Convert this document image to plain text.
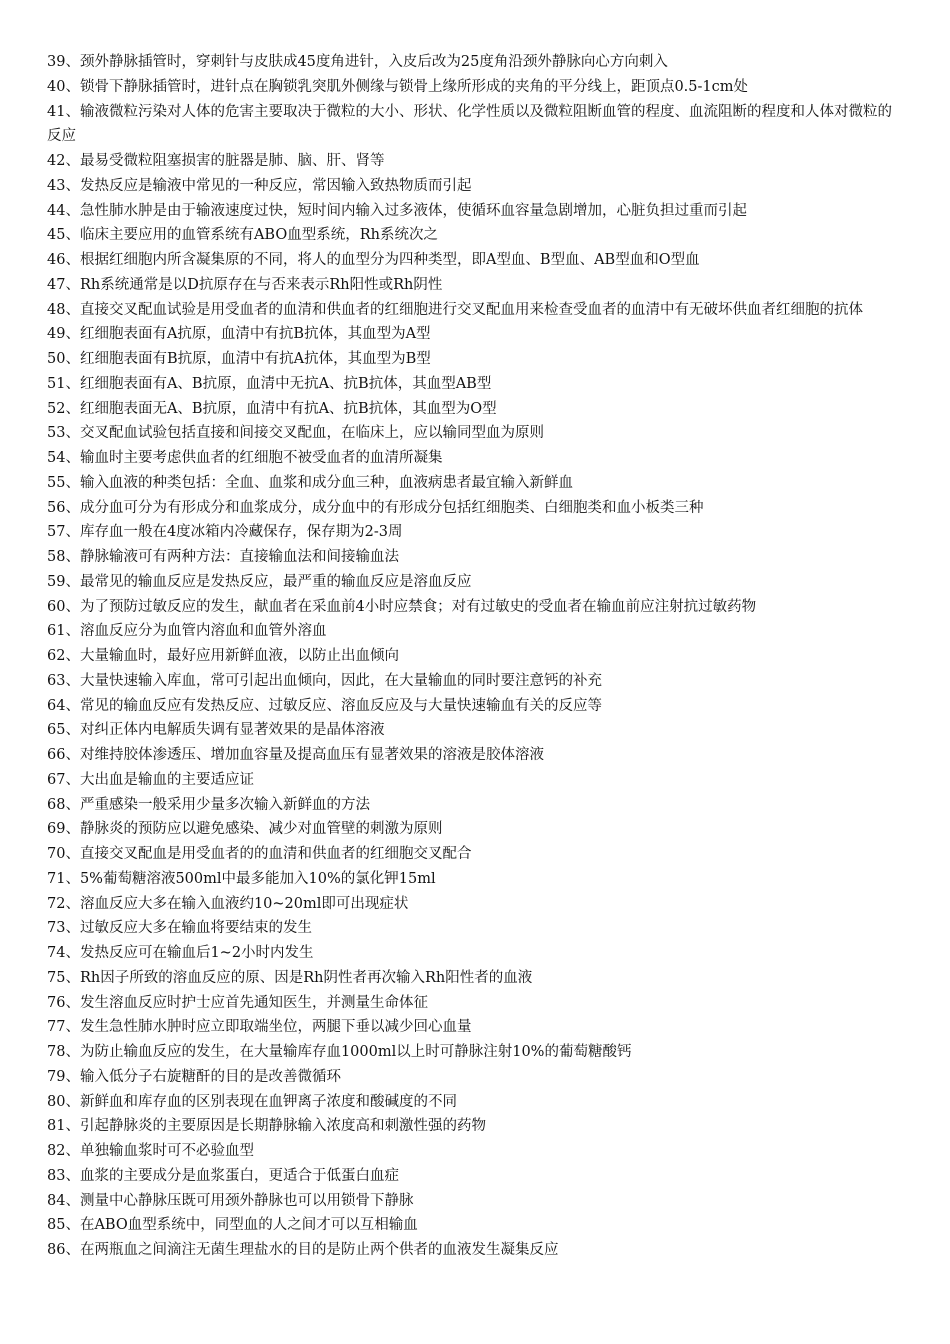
39、颈外静脉插管时，穿刺针与皮肤成45度角进针，入皮后改为25度角沿颈外静脉向心方向刺入

40、锁骨下静脉插管时，进针点在胸锁乳突肌外侧缘与锁骨上缘所形成的夹角的平分线上，距顶点0.5-1cm处

41、输液微粒污染对人体的危害主要取决于微粒的大小、形状、化学性质以及微粒阻断血管的程度、血流阻断的程度和人体对微粒的反应

42、最易受微粒阻塞损害的脏器是肺、脑、肝、肾等

43、发热反应是输液中常见的一种反应，常因输入致热物质而引起

44、急性肺水肿是由于输液速度过快，短时间内输入过多液体，使循环血容量急剧增加，心脏负担过重而引起

45、临床主要应用的血管系统有ABO血型系统，Rh系统次之

46、根据红细胞内所含凝集原的不同，将人的血型分为四种类型，即A型血、B型血、AB型血和O型血

47、Rh系统通常是以D抗原存在与否来表示Rh阳性或Rh阴性

48、直接交叉配血试验是用受血者的血清和供血者的红细胞进行交叉配血用来检查受血者的血清中有无破坏供血者红细胞的抗体

49、红细胞表面有A抗原，血清中有抗B抗体，其血型为A型

50、红细胞表面有B抗原，血清中有抗A抗体，其血型为B型

51、红细胞表面有A、B抗原，血清中无抗A、抗B抗体，其血型AB型

52、红细胞表面无A、B抗原，血清中有抗A、抗B抗体，其血型为O型

53、交叉配血试验包括直接和间接交叉配血，在临床上，应以输同型血为原则

54、输血时主要考虑供血者的红细胞不被受血者的血清所凝集

55、输入血液的种类包括：全血、血浆和成分血三种，血液病患者最宜输入新鲜血

56、成分血可分为有形成分和血浆成分，成分血中的有形成分包括红细胞类、白细胞类和血小板类三种

57、库存血一般在4度冰箱内冷藏保存，保存期为2-3周

58、静脉输液可有两种方法：直接输血法和间接输血法

59、最常见的输血反应是发热反应，最严重的输血反应是溶血反应

60、为了预防过敏反应的发生，献血者在采血前4小时应禁食；对有过敏史的受血者在输血前应注射抗过敏药物

61、溶血反应分为血管内溶血和血管外溶血

62、大量输血时，最好应用新鲜血液，以防止出血倾向

63、大量快速输入库血，常可引起出血倾向，因此，在大量输血的同时要注意钙的补充

64、常见的输血反应有发热反应、过敏反应、溶血反应及与大量快速输血有关的反应等

65、对纠正体内电解质失调有显著效果的是晶体溶液

66、对维持胶体渗透压、增加血容量及提高血压有显著效果的溶液是胶体溶液

67、大出血是输血的主要适应证

68、严重感染一般采用少量多次输入新鲜血的方法

69、静脉炎的预防应以避免感染、减少对血管壁的刺激为原则

70、直接交叉配血是用受血者的的血清和供血者的红细胞交叉配合

71、5%葡萄糖溶液500ml中最多能加入10%的氯化钾15ml

72、溶血反应大多在输入血液约10~20ml即可出现症状

73、过敏反应大多在输血将要结束的发生

74、发热反应可在输血后1~2小时内发生

75、Rh因子所致的溶血反应的原、因是Rh阴性者再次输入Rh阳性者的血液

76、发生溶血反应时护士应首先通知医生，并测量生命体征

77、发生急性肺水肿时应立即取端坐位，两腿下垂以减少回心血量

78、为防止输血反应的发生，在大量输库存血1000ml以上时可静脉注射10%的葡萄糖酸钙

79、输入低分子右旋糖酐的目的是改善微循环

80、新鲜血和库存血的区别表现在血钾离子浓度和酸碱度的不同

81、引起静脉炎的主要原因是长期静脉输入浓度高和刺激性强的药物

82、单独输血浆时可不必验血型

83、血浆的主要成分是血浆蛋白，更适合于低蛋白血症

84、测量中心静脉压既可用颈外静脉也可以用锁骨下静脉

85、在ABO血型系统中，同型血的人之间才可以互相输血

86、在两瓶血之间滴注无菌生理盐水的目的是防止两个供者的血液发生凝集反应
